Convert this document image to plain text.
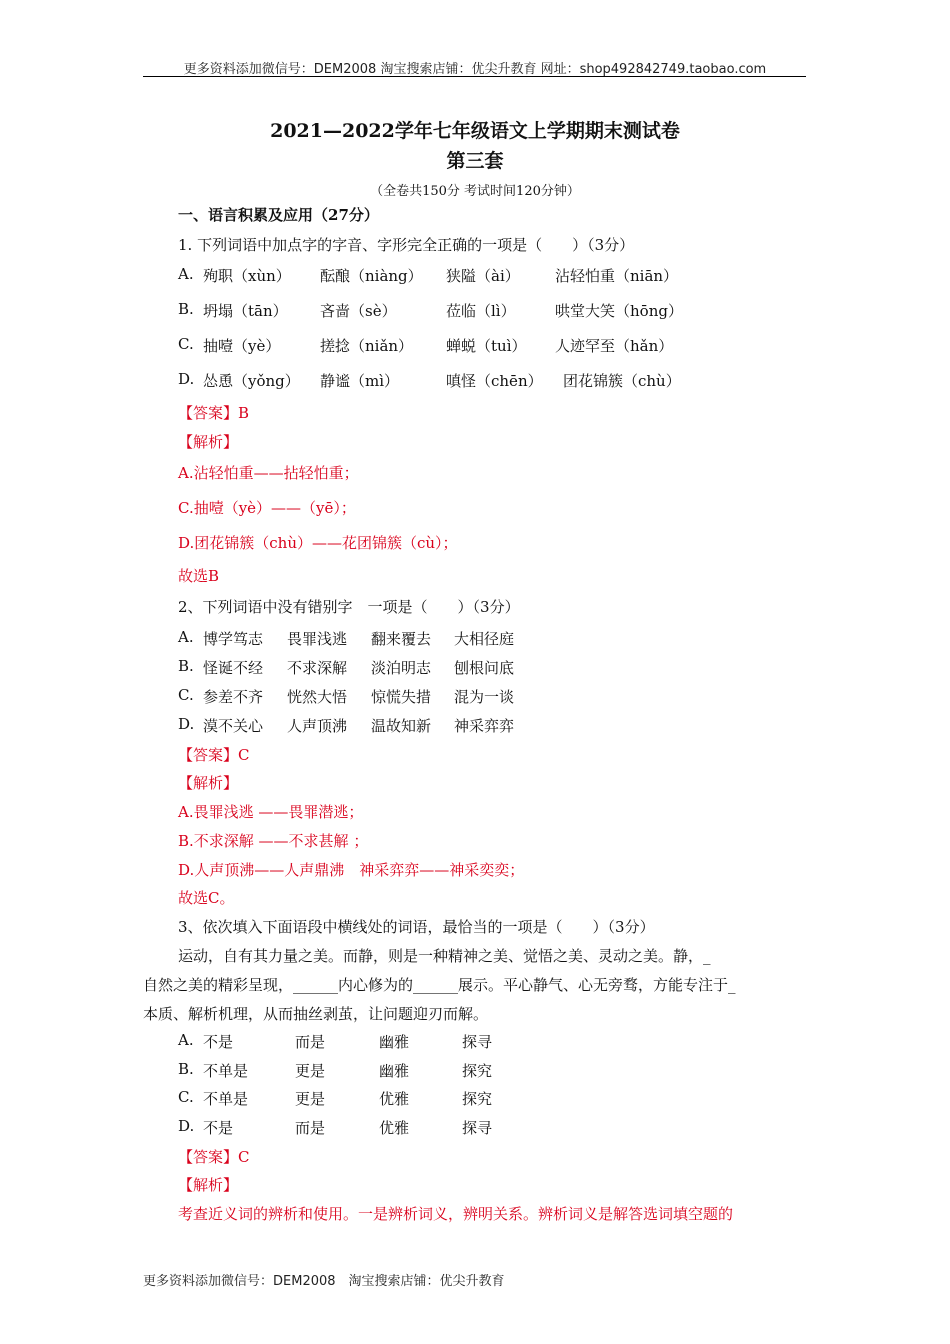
更多资料添加微信号：DEM2008 淘宝搜索店铺：优尖升教育 网址：shop492842749.taobao.com
2021—2022学年七年级语文上学期期末测试卷
第三套
（全卷共150分 考试时间120分钟）
一、语言积累及应用（27分）
1. 下列词语中加点字的字音、字形完全正确的一项是（　　）（3分）
A. 殉职（xùn） 酝酿（niàng） 狭隘（ài） 沾轻怕重（niān）
B. 坍塌（tān） 吝啬（sè）	莅临（lì）	哄堂大笑（hōng）
C. 抽噎（yè）	搓捻（niǎn） 蝉蜕（tuì） 人迹罕至（hǎn）
D. 怂恿（yǒng） 静谧（mì）	嗔怪（chēn） 团花锦簇（chù）
【答案】B
【解析】
A.沾轻怕重——拈轻怕重；
C.抽噎（yè）——（yē）；
D.团花锦簇（chù）——花团锦簇（cù）；
故选B
2、下列词语中没有错别字　一项是（　　）（3分）
A. 博学笃志 畏罪浅逃 翻来覆去 大相径庭
B. 怪诞不经 不求深解 淡泊明志 刨根问底
C. 参差不齐 恍然大悟 惊慌失措 混为一谈
D. 漠不关心 人声顶沸 温故知新 神采弈弈
【答案】C
【解析】
A.畏罪浅逃 ——畏罪潜逃；
B.不求深解 ——不求甚解 ；
D.人声顶沸——人声鼎沸　神采弈弈——神采奕奕；
故选C。
3、依次填入下面语段中横线处的词语，最恰当的一项是（　　）（3分）
运动，自有其力量之美。而静，则是一种精神之美、觉悟之美、灵动之美。静，_
自然之美的精彩呈现，______内心修为的______展示。平心静气、心无旁骛，方能专注于_
本质、解析机理，从而抽丝剥茧，让问题迎刃而解。
A. 不是	而是	幽雅	探寻
B. 不单是	更是	幽雅	探究
C. 不单是	更是	优雅	探究
D. 不是	而是	优雅	探寻
【答案】C
【解析】
考查近义词的辨析和使用。一是辨析词义，辨明关系。辨析词义是解答选词填空题的
更多资料添加微信号：DEM2008　淘宝搜索店铺：优尖升教育
